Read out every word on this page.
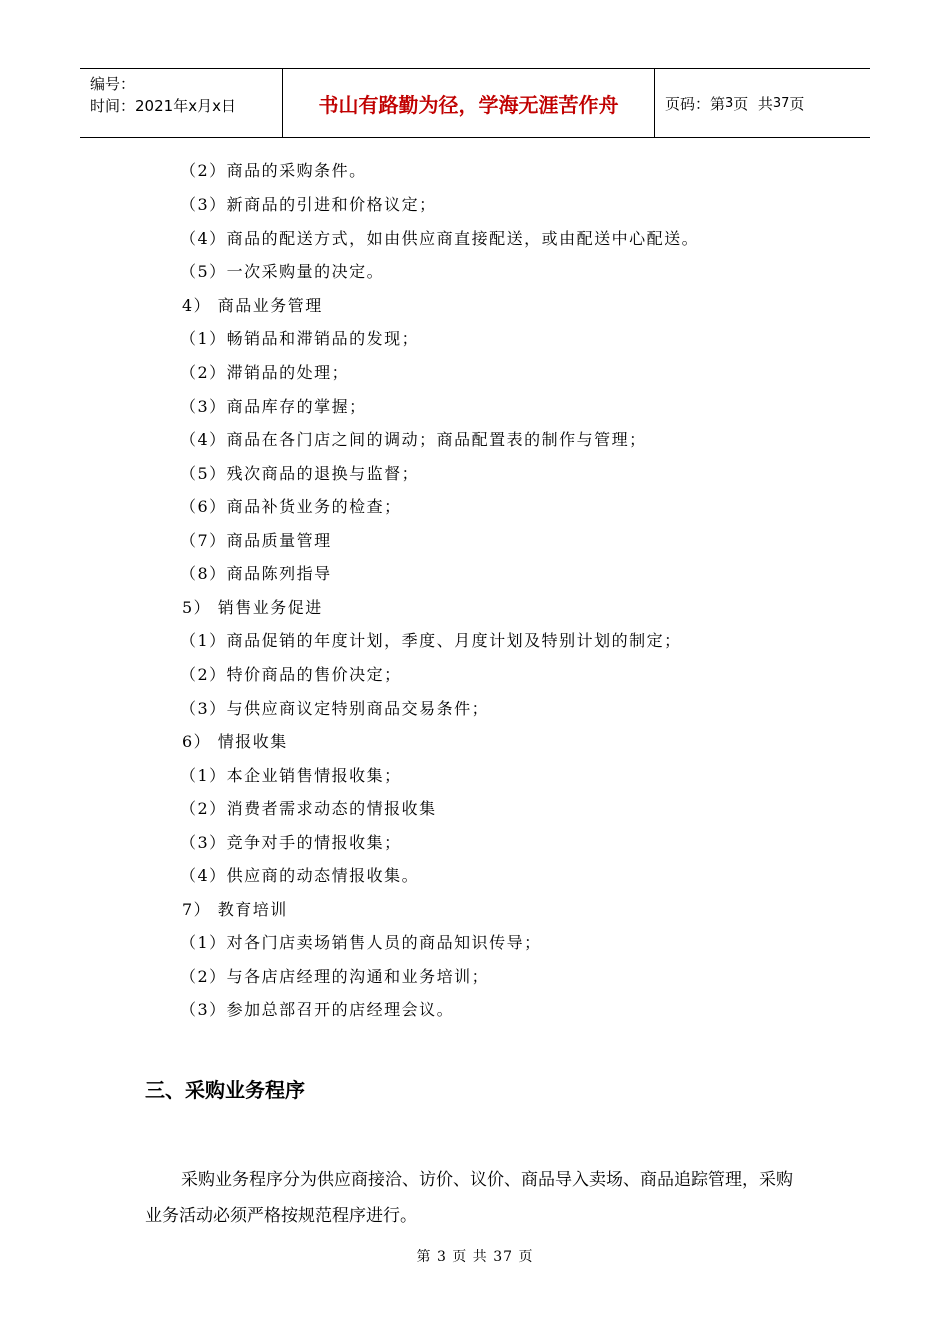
编号：
时间：2021年x月x日	书山有路勤为径，学海无涯苦作舟	页码：第 3 页  共 37 页
（2）商品的采购条件。
（3）新商品的引进和价格议定；
（4）商品的配送方式，如由供应商直接配送，或由配送中心配送。
（5）一次采购量的决定。
4） 商品业务管理
（1）畅销品和滞销品的发现；
（2）滞销品的处理；
（3）商品库存的掌握；
（4）商品在各门店之间的调动；商品配置表的制作与管理；
（5）残次商品的退换与监督；
（6）商品补货业务的检查；
（7）商品质量管理
（8）商品陈列指导
5） 销售业务促进
（1）商品促销的年度计划，季度、月度计划及特别计划的制定；
（2）特价商品的售价决定；
（3）与供应商议定特别商品交易条件；
6） 情报收集
（1）本企业销售情报收集；
（2）消费者需求动态的情报收集
（3）竞争对手的情报收集；
（4）供应商的动态情报收集。
7） 教育培训
（1）对各门店卖场销售人员的商品知识传导；
（2）与各店店经理的沟通和业务培训；
（3）参加总部召开的店经理会议。
三、采购业务程序
采购业务程序分为供应商接洽、访价、议价、商品导入卖场、商品追踪管理，采购业务活动必须严格按规范程序进行。
第 3 页 共 37 页
